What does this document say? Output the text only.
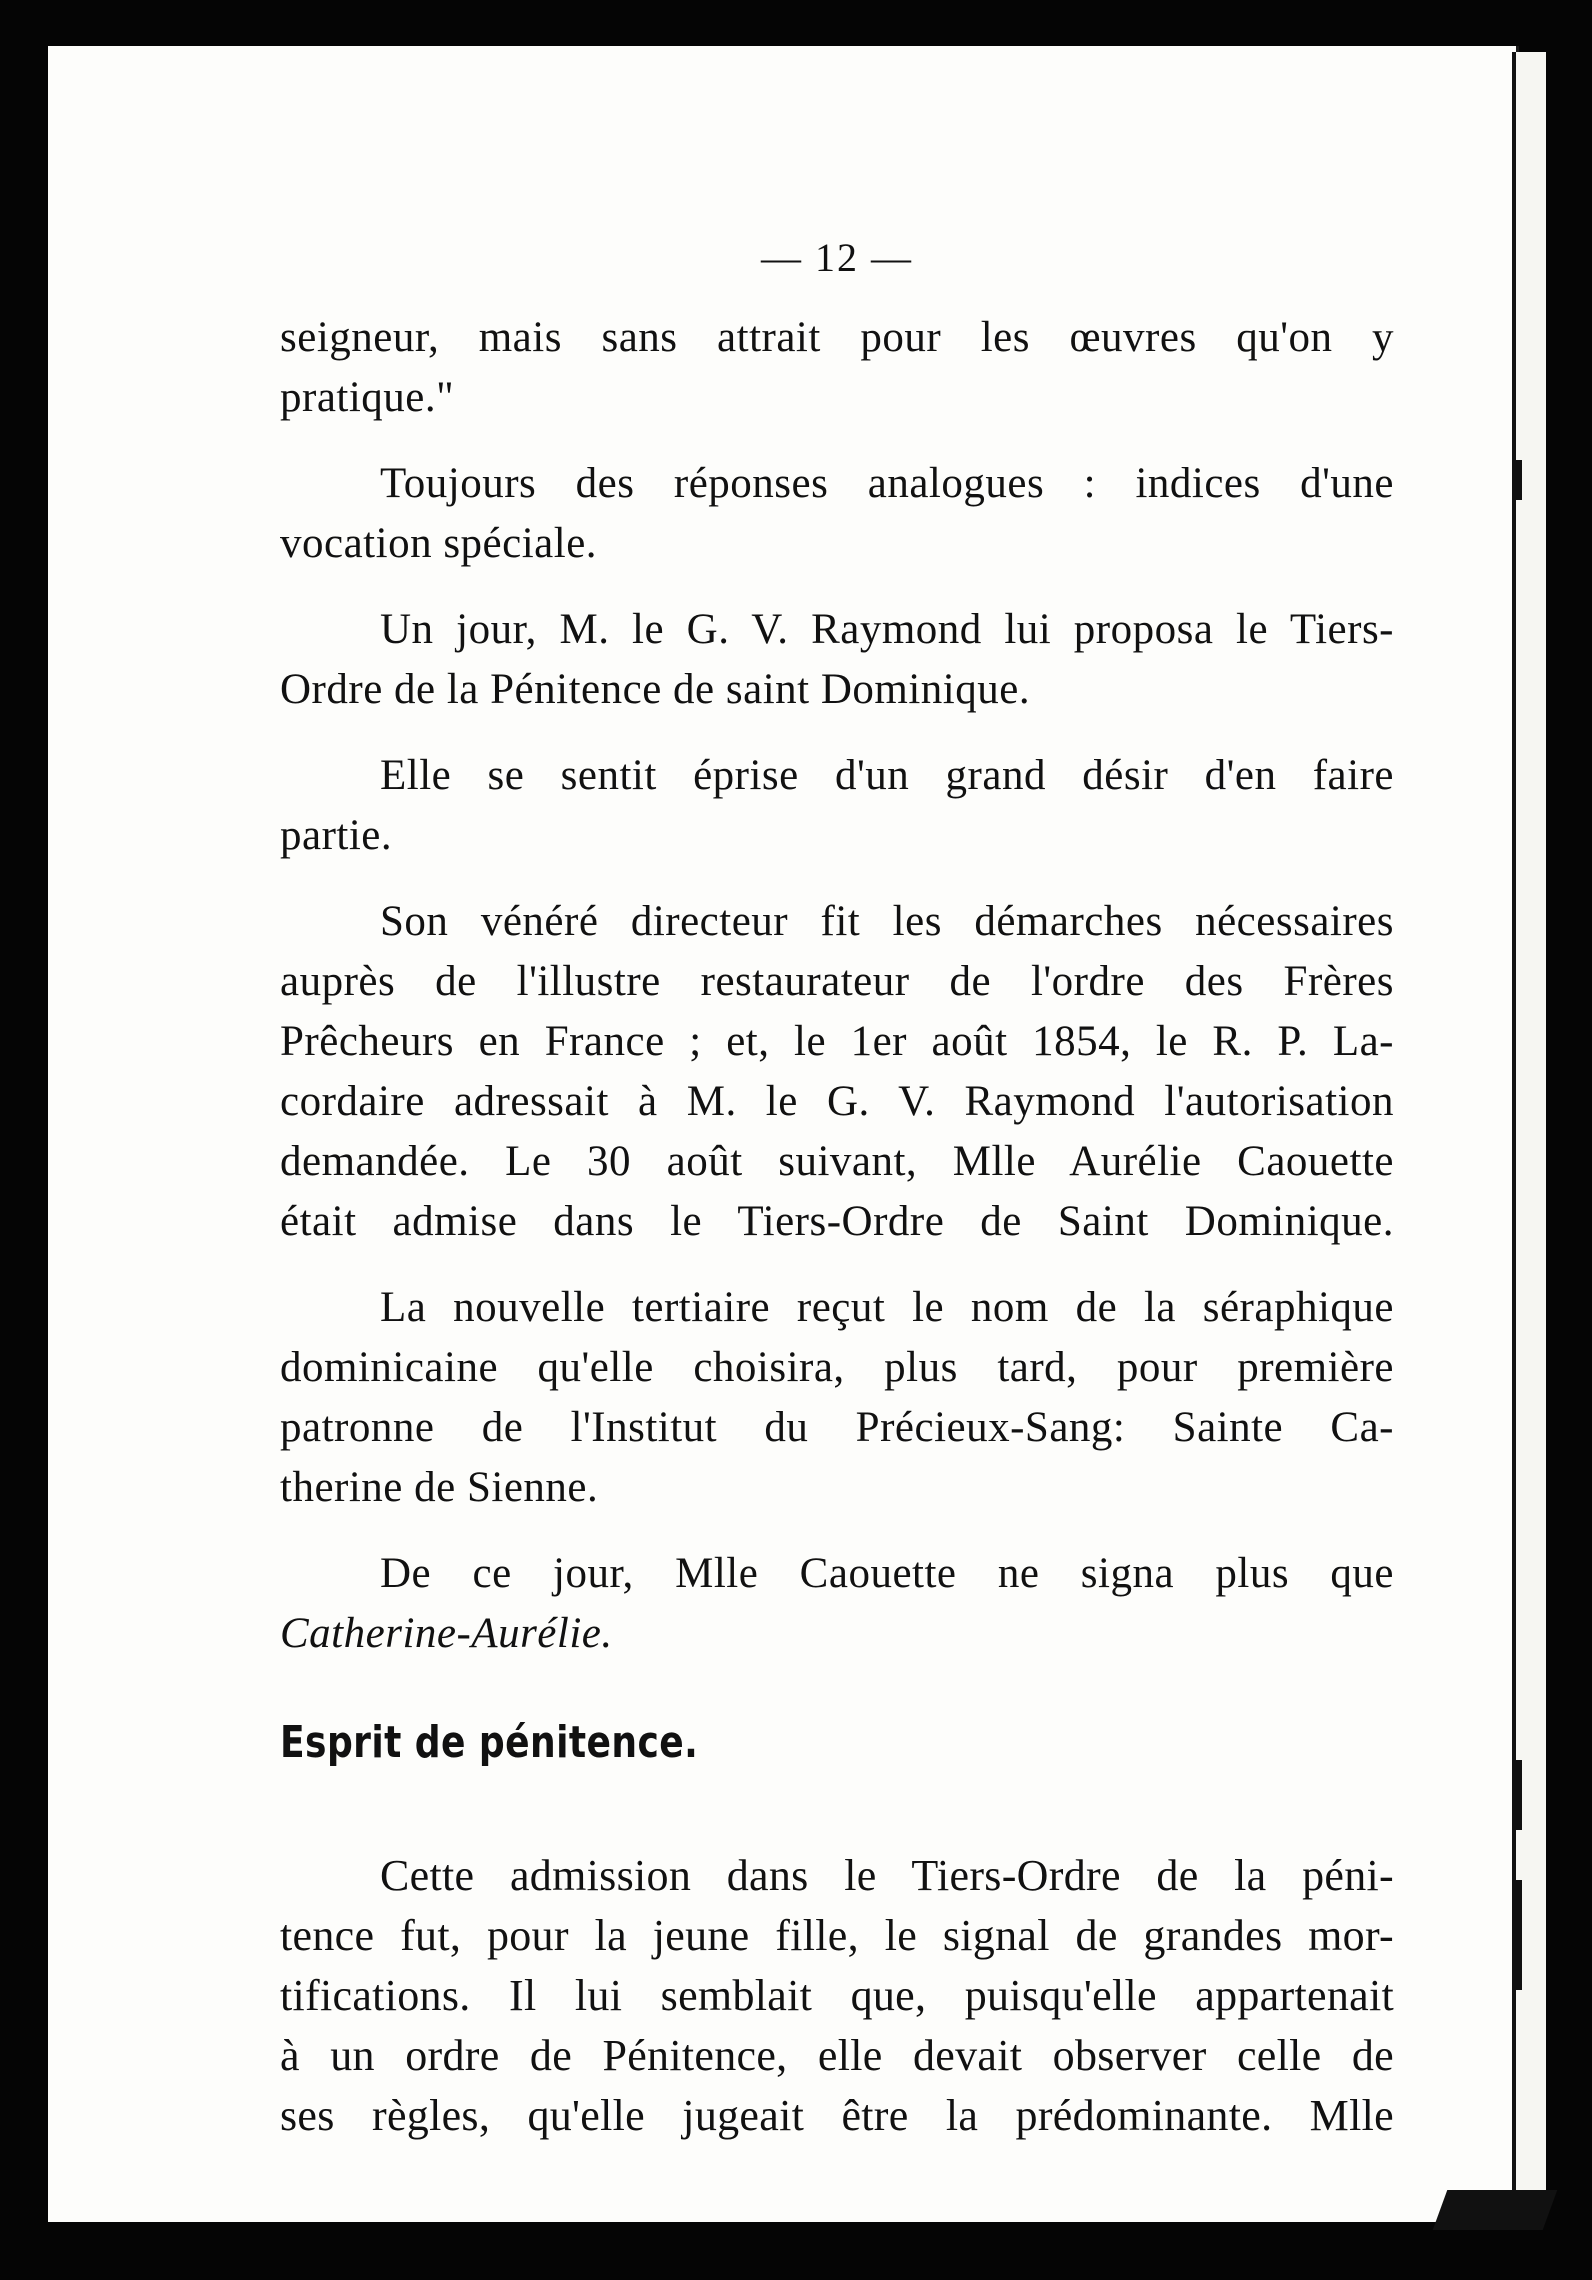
— 12 —
seigneur, mais sans attrait pour les œuvres qu'on y
pratique."
Toujours des réponses analogues : indices d'une
vocation spéciale.
Un jour, M. le G. V. Raymond lui proposa le Tiers-
Ordre de la Pénitence de saint Dominique.
Elle se sentit éprise d'un grand désir d'en faire
partie.
Son vénéré directeur fit les démarches nécessaires
auprès de l'illustre restaurateur de l'ordre des Frères
Prêcheurs en France ; et, le 1er août 1854, le R. P. La-
cordaire adressait à M. le G. V. Raymond l'autorisation
demandée. Le 30 août suivant, Mlle Aurélie Caouette
était admise dans le Tiers-Ordre de Saint Dominique.
La nouvelle tertiaire reçut le nom de la séraphique
dominicaine qu'elle choisira, plus tard, pour première
patronne de l'Institut du Précieux-Sang: Sainte Ca-
therine de Sienne.
De ce jour, Mlle Caouette ne signa plus que
Catherine-Aurélie.
Esprit de pénitence.
Cette admission dans le Tiers-Ordre de la péni-
tence fut, pour la jeune fille, le signal de grandes mor-
tifications. Il lui semblait que, puisqu'elle appartenait
à un ordre de Pénitence, elle devait observer celle de
ses règles, qu'elle jugeait être la prédominante. Mlle
